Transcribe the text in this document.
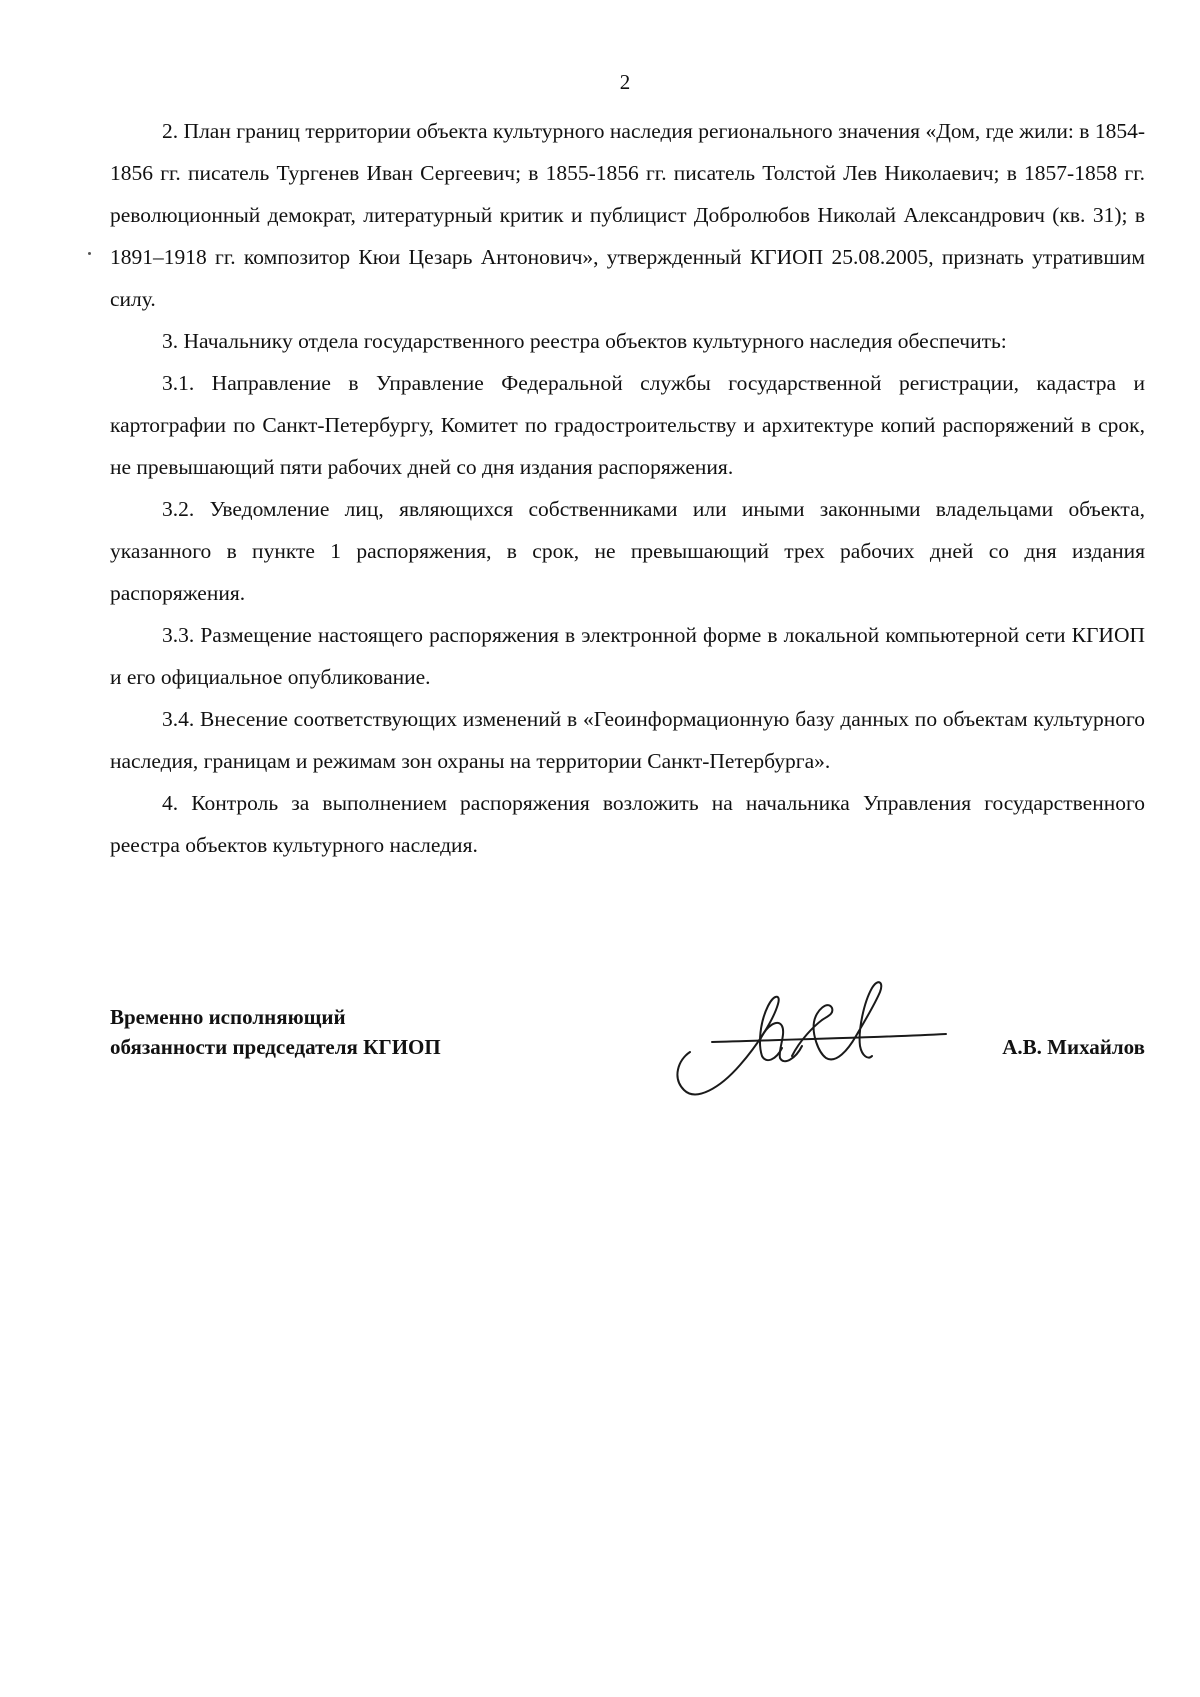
2

2. План границ территории объекта культурного наследия регионального значения «Дом, где жили: в 1854-1856 гг. писатель Тургенев Иван Сергеевич; в 1855-1856 гг. писатель Толстой Лев Николаевич; в 1857-1858 гг. революционный демократ, литературный критик и публицист Добролюбов Николай Александрович (кв. 31); в 1891–1918 гг. композитор Кюи Цезарь Антонович», утвержденный КГИОП 25.08.2005, признать утратившим силу.

3. Начальнику отдела государственного реестра объектов культурного наследия обеспечить:

3.1. Направление в Управление Федеральной службы государственной регистрации, кадастра и картографии по Санкт-Петербургу, Комитет по градостроительству и архитектуре копий распоряжений в срок, не превышающий пяти рабочих дней со дня издания распоряжения.

3.2. Уведомление лиц, являющихся собственниками или иными законными владельцами объекта, указанного в пункте 1 распоряжения, в срок, не превышающий трех рабочих дней со дня издания распоряжения.

3.3. Размещение настоящего распоряжения в электронной форме в локальной компьютерной сети КГИОП и его официальное опубликование.

3.4. Внесение соответствующих изменений в «Геоинформационную базу данных по объектам культурного наследия, границам и режимам зон охраны на территории Санкт-Петербурга».

4. Контроль за выполнением распоряжения возложить на начальника Управления государственного реестра объектов культурного наследия.

Временно исполняющий
обязанности председателя КГИОП	А.В. Михайлов
